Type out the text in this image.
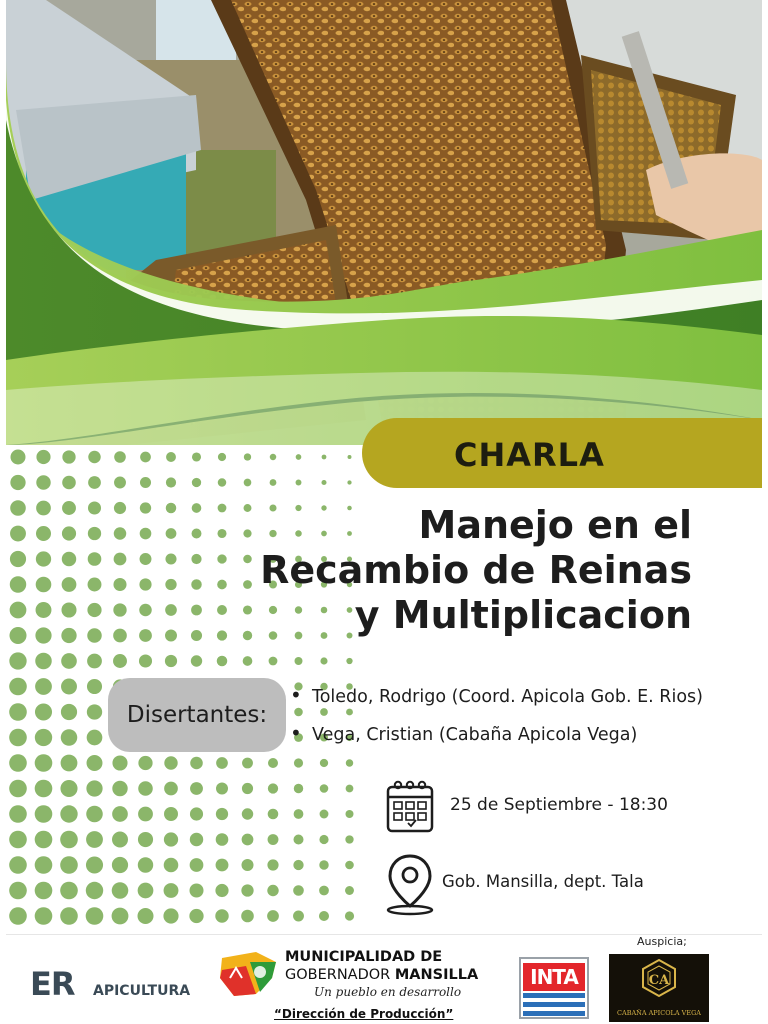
CHARLA
Manejo en el
Recambio de Reinas
y Multiplicacion
Disertantes:
• Toledo, Rodrigo (Coord. Apicola Gob. E. Rios)
• Vega, Cristian (Cabaña Apicola Vega)
25 de Septiembre - 18:30
Gob. Mansilla, dept. Tala
ER APICULTURA
MUNICIPALIDAD DE
GOBERNADOR MANSILLA
Un pueblo en desarrollo
“Dirección de Producción”
INTA
Auspicia;
CA
CABAÑA APICOLA VEGA
